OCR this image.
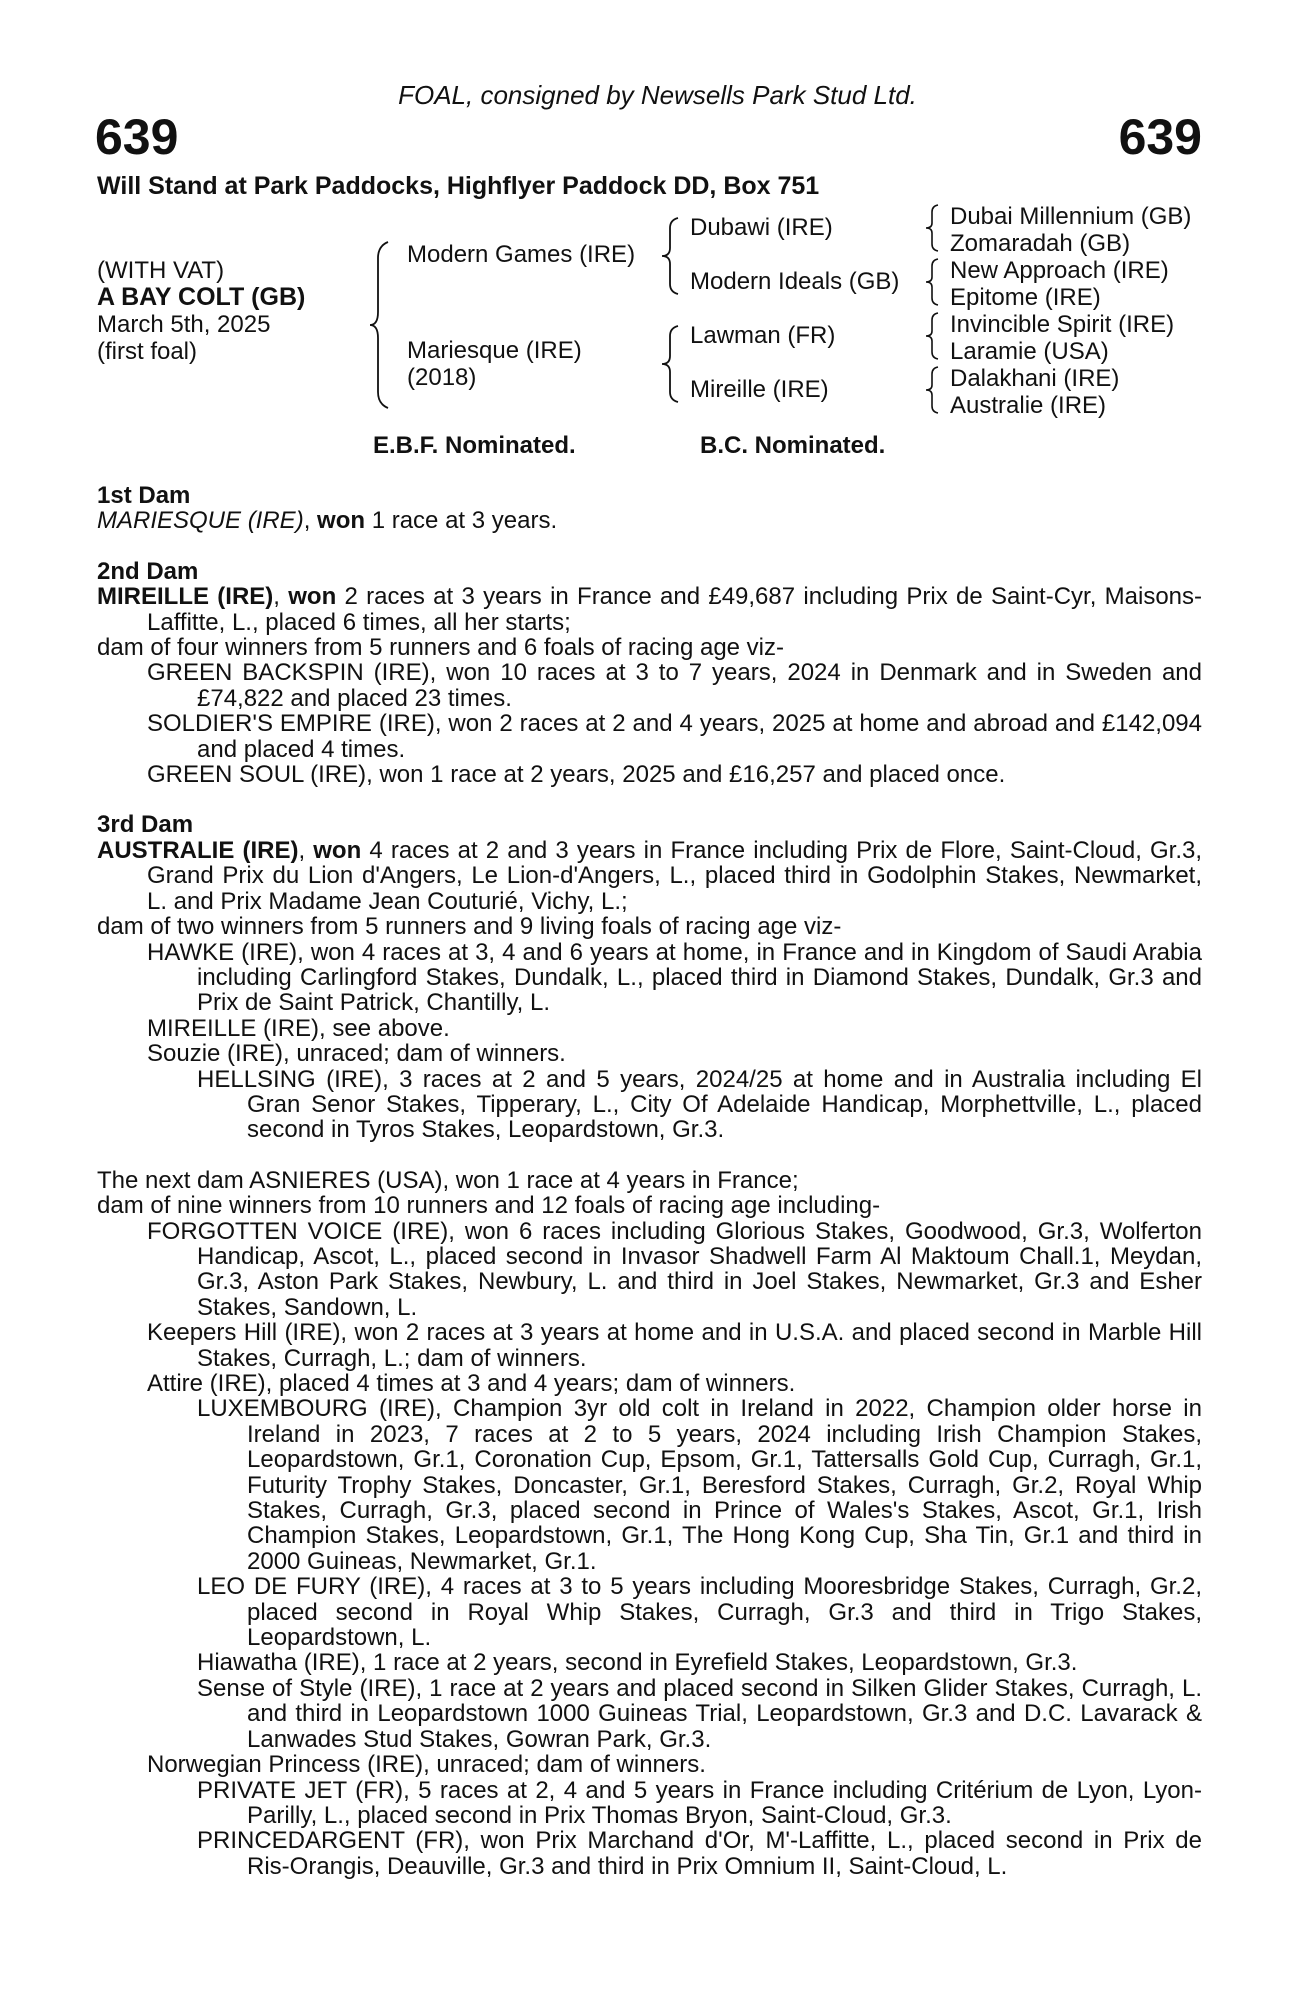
FOAL, consigned by Newsells Park Stud Ltd.
639	639
Will Stand at Park Paddocks, Highflyer Paddock DD, Box 751
(WITH VAT)
A BAY COLT (GB)
March 5th, 2025
(first foal)
Modern Games (IRE)
Mariesque (IRE)
(2018)
Dubawi (IRE)
Modern Ideals (GB)
Lawman (FR)
Mireille (IRE)
Dubai Millennium (GB)
Zomaradah (GB)
New Approach (IRE)
Epitome (IRE)
Invincible Spirit (IRE)
Laramie (USA)
Dalakhani (IRE)
Australie (IRE)
E.B.F. Nominated.	B.C. Nominated.
1st Dam
MARIESQUE (IRE), won 1 race at 3 years.
2nd Dam
MIREILLE (IRE), won 2 races at 3 years in France and £49,687 including Prix de Saint-Cyr, Maisons-Laffitte, L., placed 6 times, all her starts;
dam of four winners from 5 runners and 6 foals of racing age viz-
GREEN BACKSPIN (IRE), won 10 races at 3 to 7 years, 2024 in Denmark and in Sweden and £74,822 and placed 23 times.
SOLDIER'S EMPIRE (IRE), won 2 races at 2 and 4 years, 2025 at home and abroad and £142,094 and placed 4 times.
GREEN SOUL (IRE), won 1 race at 2 years, 2025 and £16,257 and placed once.
3rd Dam
AUSTRALIE (IRE), won 4 races at 2 and 3 years in France including Prix de Flore, Saint-Cloud, Gr.3, Grand Prix du Lion d'Angers, Le Lion-d'Angers, L., placed third in Godolphin Stakes, Newmarket, L. and Prix Madame Jean Couturié, Vichy, L.;
dam of two winners from 5 runners and 9 living foals of racing age viz-
HAWKE (IRE), won 4 races at 3, 4 and 6 years at home, in France and in Kingdom of Saudi Arabia including Carlingford Stakes, Dundalk, L., placed third in Diamond Stakes, Dundalk, Gr.3 and Prix de Saint Patrick, Chantilly, L.
MIREILLE (IRE), see above.
Souzie (IRE), unraced; dam of winners.
HELLSING (IRE), 3 races at 2 and 5 years, 2024/25 at home and in Australia including El Gran Senor Stakes, Tipperary, L., City Of Adelaide Handicap, Morphettville, L., placed second in Tyros Stakes, Leopardstown, Gr.3.
The next dam ASNIERES (USA), won 1 race at 4 years in France;
dam of nine winners from 10 runners and 12 foals of racing age including-
FORGOTTEN VOICE (IRE), won 6 races including Glorious Stakes, Goodwood, Gr.3, Wolferton Handicap, Ascot, L., placed second in Invasor Shadwell Farm Al Maktoum Chall.1, Meydan, Gr.3, Aston Park Stakes, Newbury, L. and third in Joel Stakes, Newmarket, Gr.3 and Esher Stakes, Sandown, L.
Keepers Hill (IRE), won 2 races at 3 years at home and in U.S.A. and placed second in Marble Hill Stakes, Curragh, L.; dam of winners.
Attire (IRE), placed 4 times at 3 and 4 years; dam of winners.
LUXEMBOURG (IRE), Champion 3yr old colt in Ireland in 2022, Champion older horse in Ireland in 2023, 7 races at 2 to 5 years, 2024 including Irish Champion Stakes, Leopardstown, Gr.1, Coronation Cup, Epsom, Gr.1, Tattersalls Gold Cup, Curragh, Gr.1, Futurity Trophy Stakes, Doncaster, Gr.1, Beresford Stakes, Curragh, Gr.2, Royal Whip Stakes, Curragh, Gr.3, placed second in Prince of Wales's Stakes, Ascot, Gr.1, Irish Champion Stakes, Leopardstown, Gr.1, The Hong Kong Cup, Sha Tin, Gr.1 and third in 2000 Guineas, Newmarket, Gr.1.
LEO DE FURY (IRE), 4 races at 3 to 5 years including Mooresbridge Stakes, Curragh, Gr.2, placed second in Royal Whip Stakes, Curragh, Gr.3 and third in Trigo Stakes, Leopardstown, L.
Hiawatha (IRE), 1 race at 2 years, second in Eyrefield Stakes, Leopardstown, Gr.3.
Sense of Style (IRE), 1 race at 2 years and placed second in Silken Glider Stakes, Curragh, L. and third in Leopardstown 1000 Guineas Trial, Leopardstown, Gr.3 and D.C. Lavarack & Lanwades Stud Stakes, Gowran Park, Gr.3.
Norwegian Princess (IRE), unraced; dam of winners.
PRIVATE JET (FR), 5 races at 2, 4 and 5 years in France including Critérium de Lyon, Lyon-Parilly, L., placed second in Prix Thomas Bryon, Saint-Cloud, Gr.3.
PRINCEDARGENT (FR), won Prix Marchand d'Or, M'-Laffitte, L., placed second in Prix de Ris-Orangis, Deauville, Gr.3 and third in Prix Omnium II, Saint-Cloud, L.
